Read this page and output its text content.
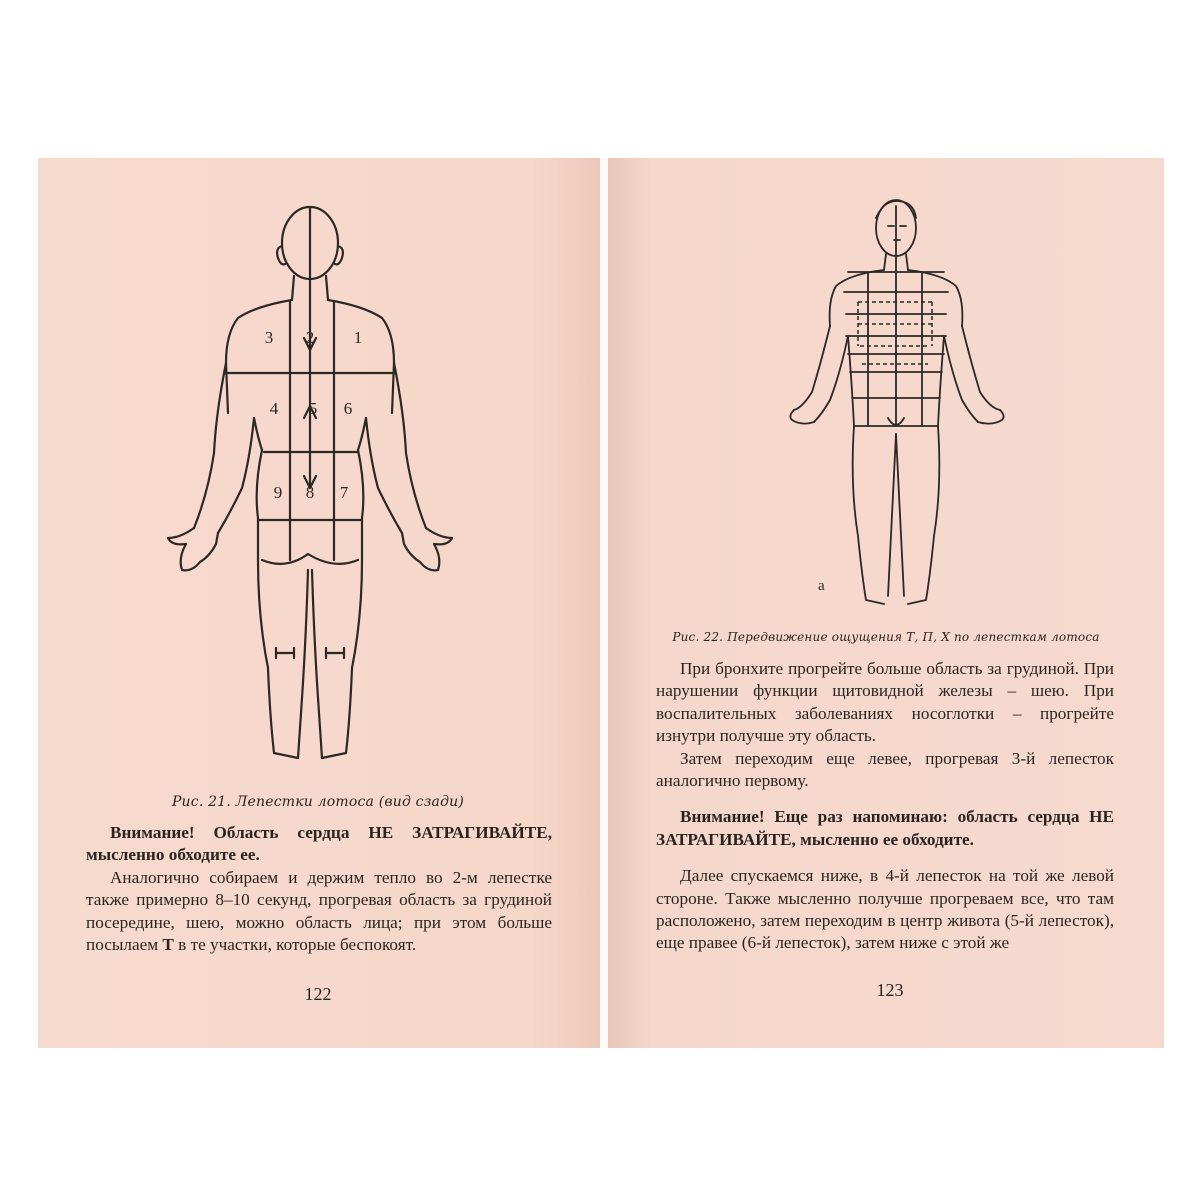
3 2 1
4 5 6
9 8 7
Рис. 21. Лепестки лотоса (вид сзади)

Внимание! Область сердца НЕ ЗАТРАГИВАЙТЕ, мысленно обходите ее.

Аналогично собираем и держим тепло во 2-м лепестке также примерно 8–10 секунд, прогревая область за грудиной посередине, шею, можно область лица; при этом больше посылаем Т в те участки, которые беспокоят.

122
а
Рис. 22. Передвижение ощущения Т, П, Х по лепесткам лотоса

При бронхите прогрейте больше область за грудиной. При нарушении функции щитовидной железы – шею. При воспалительных заболеваниях носоглотки – прогрейте изнутри получше эту область.

Затем переходим еще левее, прогревая 3-й лепесток аналогично первому.

Внимание! Еще раз напоминаю: область сердца НЕ ЗАТРАГИВАЙТЕ, мысленно ее обходите.

Далее спускаемся ниже, в 4-й лепесток на той же левой стороне. Также мысленно получше прогреваем все, что там расположено, затем переходим в центр живота (5-й лепесток), еще правее (6-й лепесток), затем ниже с этой же

123
